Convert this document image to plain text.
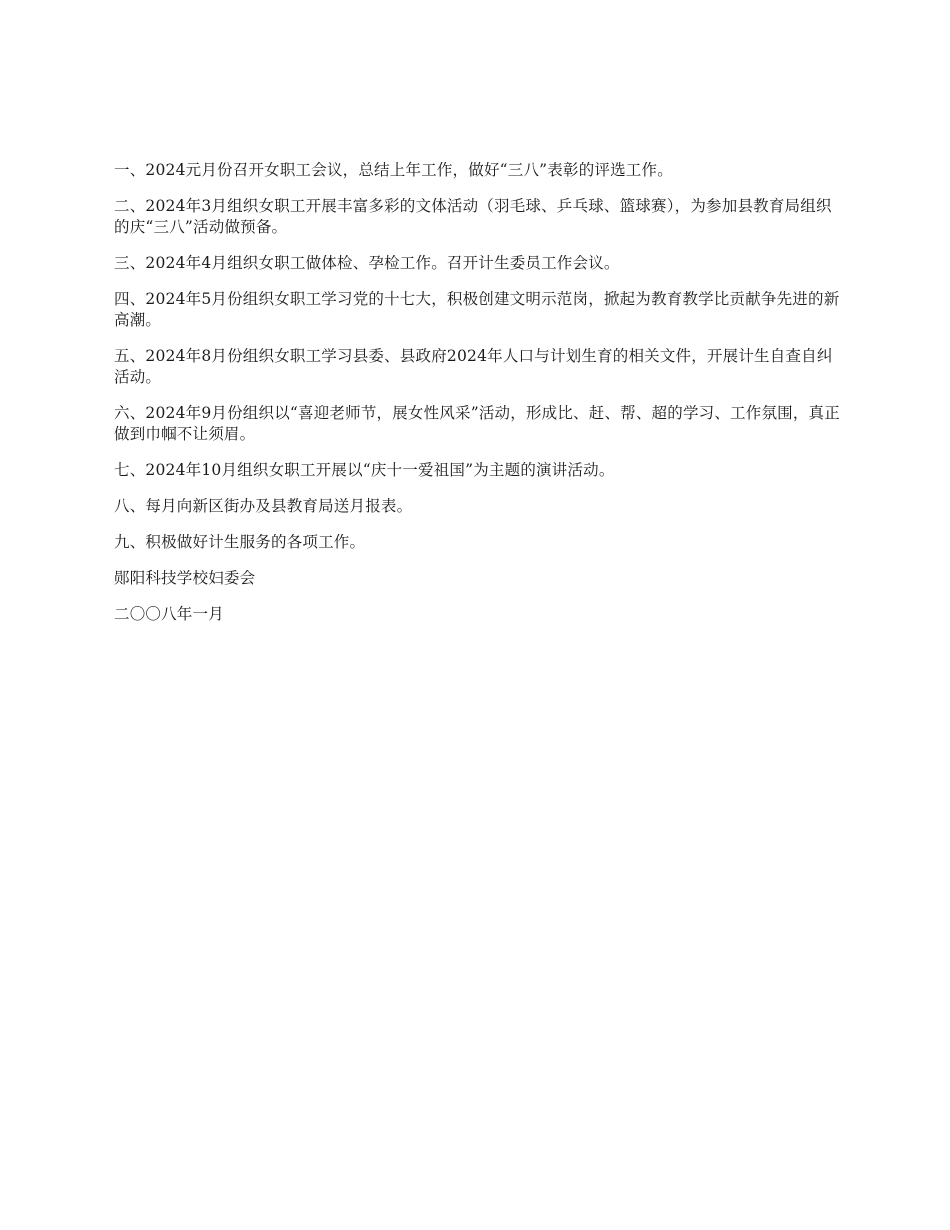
一、2024元月份召开女职工会议，总结上年工作，做好“三八”表彰的评选工作。

二、2024年3月组织女职工开展丰富多彩的文体活动（羽毛球、乒乓球、篮球赛），为参加县教育局组织的庆“三八”活动做预备。

三、2024年4月组织女职工做体检、孕检工作。召开计生委员工作会议。

四、2024年5月份组织女职工学习党的十七大，积极创建文明示范岗，掀起为教育教学比贡献争先进的新高潮。

五、2024年8月份组织女职工学习县委、县政府2024年人口与计划生育的相关文件，开展计生自查自纠活动。

六、2024年9月份组织以“喜迎老师节，展女性风采”活动，形成比、赶、帮、超的学习、工作氛围，真正做到巾帼不让须眉。

七、2024年10月组织女职工开展以“庆十一爱祖国”为主题的演讲活动。

八、每月向新区街办及县教育局送月报表。

九、积极做好计生服务的各项工作。

郧阳科技学校妇委会

二〇〇八年一月
